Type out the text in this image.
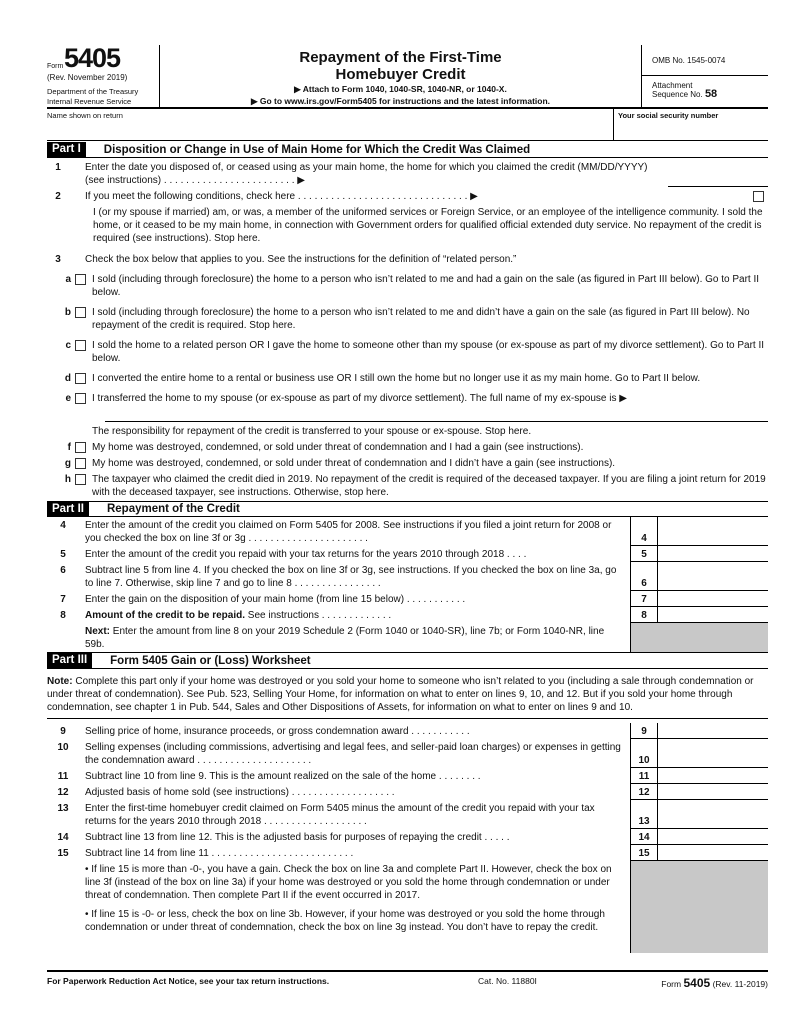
Form 5405
(Rev. November 2019)
Department of the Treasury
Internal Revenue Service
Repayment of the First-Time
Homebuyer Credit
▶ Attach to Form 1040, 1040-SR, 1040-NR, or 1040-X.
▶ Go to www.irs.gov/Form5405 for instructions and the latest information.
OMB No. 1545-0074
Attachment
Sequence No. 58
Name shown on return	Your social security number
Part I	Disposition or Change in Use of Main Home for Which the Credit Was Claimed
1	Enter the date you disposed of, or ceased using as your main home, the home for which you claimed the credit (MM/DD/YYYY) (see instructions) . . . . . . . . . . . . . . . . . . . . . . . . ▶
2	If you meet the following conditions, check here . . . . . . . . . . . . . . . . . . . . . . . . . . . . . . . ▶
I (or my spouse if married) am, or was, a member of the uniformed services or Foreign Service, or an employee of the intelligence community. I sold the home, or it ceased to be my main home, in connection with Government orders for qualified official extended duty service. No repayment of the credit is required (see instructions). Stop here.
3	Check the box below that applies to you. See the instructions for the definition of “related person.”
a	I sold (including through foreclosure) the home to a person who isn’t related to me and had a gain on the sale (as figured in Part III below). Go to Part II below.
b	I sold (including through foreclosure) the home to a person who isn’t related to me and didn’t have a gain on the sale (as figured in Part III below). No repayment of the credit is required. Stop here.
c	I sold the home to a related person OR I gave the home to someone other than my spouse (or ex-spouse as part of my divorce settlement). Go to Part II below.
d	I converted the entire home to a rental or business use OR I still own the home but no longer use it as my main home. Go to Part II below.
e	I transferred the home to my spouse (or ex-spouse as part of my divorce settlement). The full name of my ex-spouse is ▶
The responsibility for repayment of the credit is transferred to your spouse or ex-spouse. Stop here.
f	My home was destroyed, condemned, or sold under threat of condemnation and I had a gain (see instructions).
g	My home was destroyed, condemned, or sold under threat of condemnation and I didn’t have a gain (see instructions).
h	The taxpayer who claimed the credit died in 2019. No repayment of the credit is required of the deceased taxpayer. If you are filing a joint return for 2019 with the deceased taxpayer, see instructions. Otherwise, stop here.
Part II	Repayment of the Credit
4	Enter the amount of the credit you claimed on Form 5405 for 2008. See instructions if you filed a joint return for 2008 or you checked the box on line 3f or 3g . . . . . . . . . . . . . . . . . . . . . .	4
5	Enter the amount of the credit you repaid with your tax returns for the years 2010 through 2018 . . . .	5
6	Subtract line 5 from line 4. If you checked the box on line 3f or 3g, see instructions. If you checked the box on line 3a, go to line 7. Otherwise, skip line 7 and go to line 8 . . . . . . . . . . . . . . . .	6
7	Enter the gain on the disposition of your main home (from line 15 below) . . . . . . . . . . .	7
8	Amount of the credit to be repaid. See instructions . . . . . . . . . . . . .	8
Next: Enter the amount from line 8 on your 2019 Schedule 2 (Form 1040 or 1040-SR), line 7b; or Form 1040-NR, line 59b.
Part III	Form 5405 Gain or (Loss) Worksheet
Note: Complete this part only if your home was destroyed or you sold your home to someone who isn’t related to you (including a sale through condemnation or under threat of condemnation). See Pub. 523, Selling Your Home, for information on what to enter on lines 9, 10, and 12. But if you sold your home through condemnation, see chapter 1 in Pub. 544, Sales and Other Dispositions of Assets, for information on what to enter on lines 9 and 10.
9	Selling price of home, insurance proceeds, or gross condemnation award . . . . . . . . . . .	9
10	Selling expenses (including commissions, advertising and legal fees, and seller-paid loan charges) or expenses in getting the condemnation award . . . . . . . . . . . . . . . . . . . . .	10
11	Subtract line 10 from line 9. This is the amount realized on the sale of the home . . . . . . . .	11
12	Adjusted basis of home sold (see instructions) . . . . . . . . . . . . . . . . . . .	12
13	Enter the first-time homebuyer credit claimed on Form 5405 minus the amount of the credit you repaid with your tax returns for the years 2010 through 2018 . . . . . . . . . . . . . . . . . . .	13
14	Subtract line 13 from line 12. This is the adjusted basis for purposes of repaying the credit . . . . .	14
15	Subtract line 14 from line 11 . . . . . . . . . . . . . . . . . . . . . . . . . .	15
• If line 15 is more than -0-, you have a gain. Check the box on line 3a and complete Part II. However, check the box on line 3f (instead of the box on line 3a) if your home was destroyed or you sold the home through condemnation or under threat of condemnation. Then complete Part II if the event occurred in 2017.
• If line 15 is -0- or less, check the box on line 3b. However, if your home was destroyed or you sold the home through condemnation or under threat of condemnation, check the box on line 3g instead. You don’t have to repay the credit.
For Paperwork Reduction Act Notice, see your tax return instructions.	Cat. No. 11880I	Form 5405 (Rev. 11-2019)
